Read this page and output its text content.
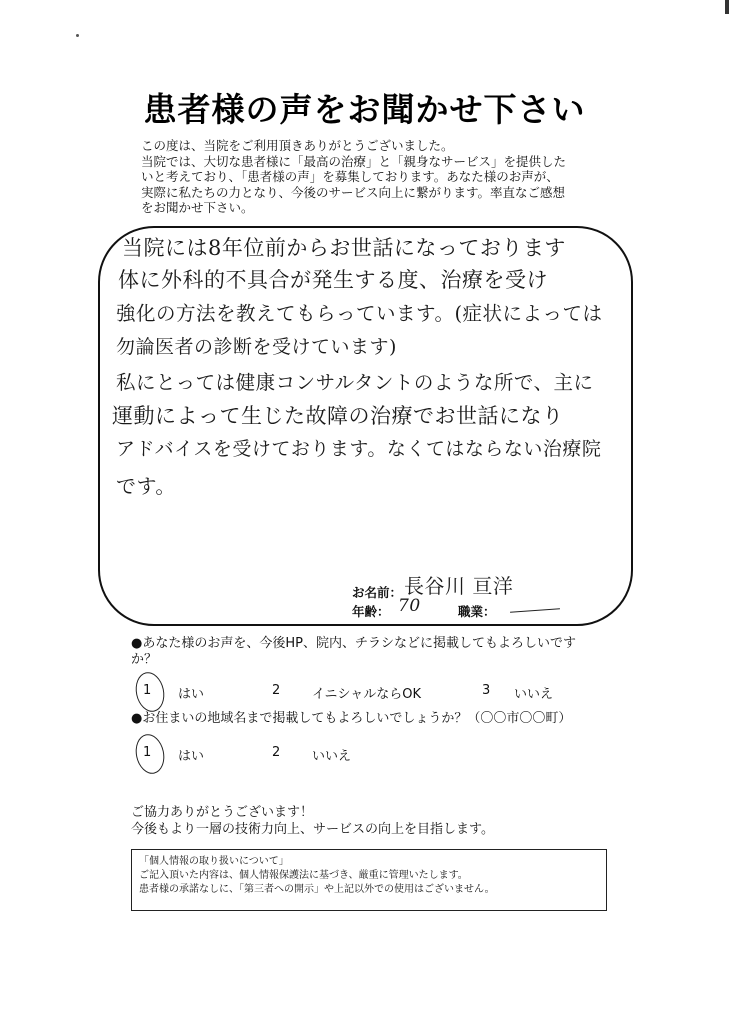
患者様の声をお聞かせ下さい
この度は、当院をご利用頂きありがとうございました。
当院では、大切な患者様に「最高の治療」と「親身なサービス」を提供した
いと考えており、「患者様の声」を募集しております。あなた様のお声が、
実際に私たちの力となり、今後のサービス向上に繋がります。率直なご感想
をお聞かせ下さい。
当院には8年位前からお世話になっております
体に外科的不具合が発生する度、治療を受け
強化の方法を教えてもらっています。(症状によっては
勿論医者の診断を受けています)
私にとっては健康コンサルタントのような所で、主に
運動によって生じた故障の治療でお世話になり
アドバイスを受けております。なくてはならない治療院
です。
お名前： 長谷川 亘洋
年齢： 70	職業：
●あなた様のお声を、今後HP、院内、チラシなどに掲載してもよろしいです
か？
1 はい	2 イニシャルならOK	3 いいえ
●お住まいの地域名まで掲載してもよろしいでしょうか？（〇〇市〇〇町）
1 はい	2 いいえ
ご協力ありがとうございます！
今後もより一層の技術力向上、サービスの向上を目指します。
「個人情報の取り扱いについて」
ご記入頂いた内容は、個人情報保護法に基づき、厳重に管理いたします。
患者様の承諾なしに、「第三者への開示」や上記以外での使用はございません。
